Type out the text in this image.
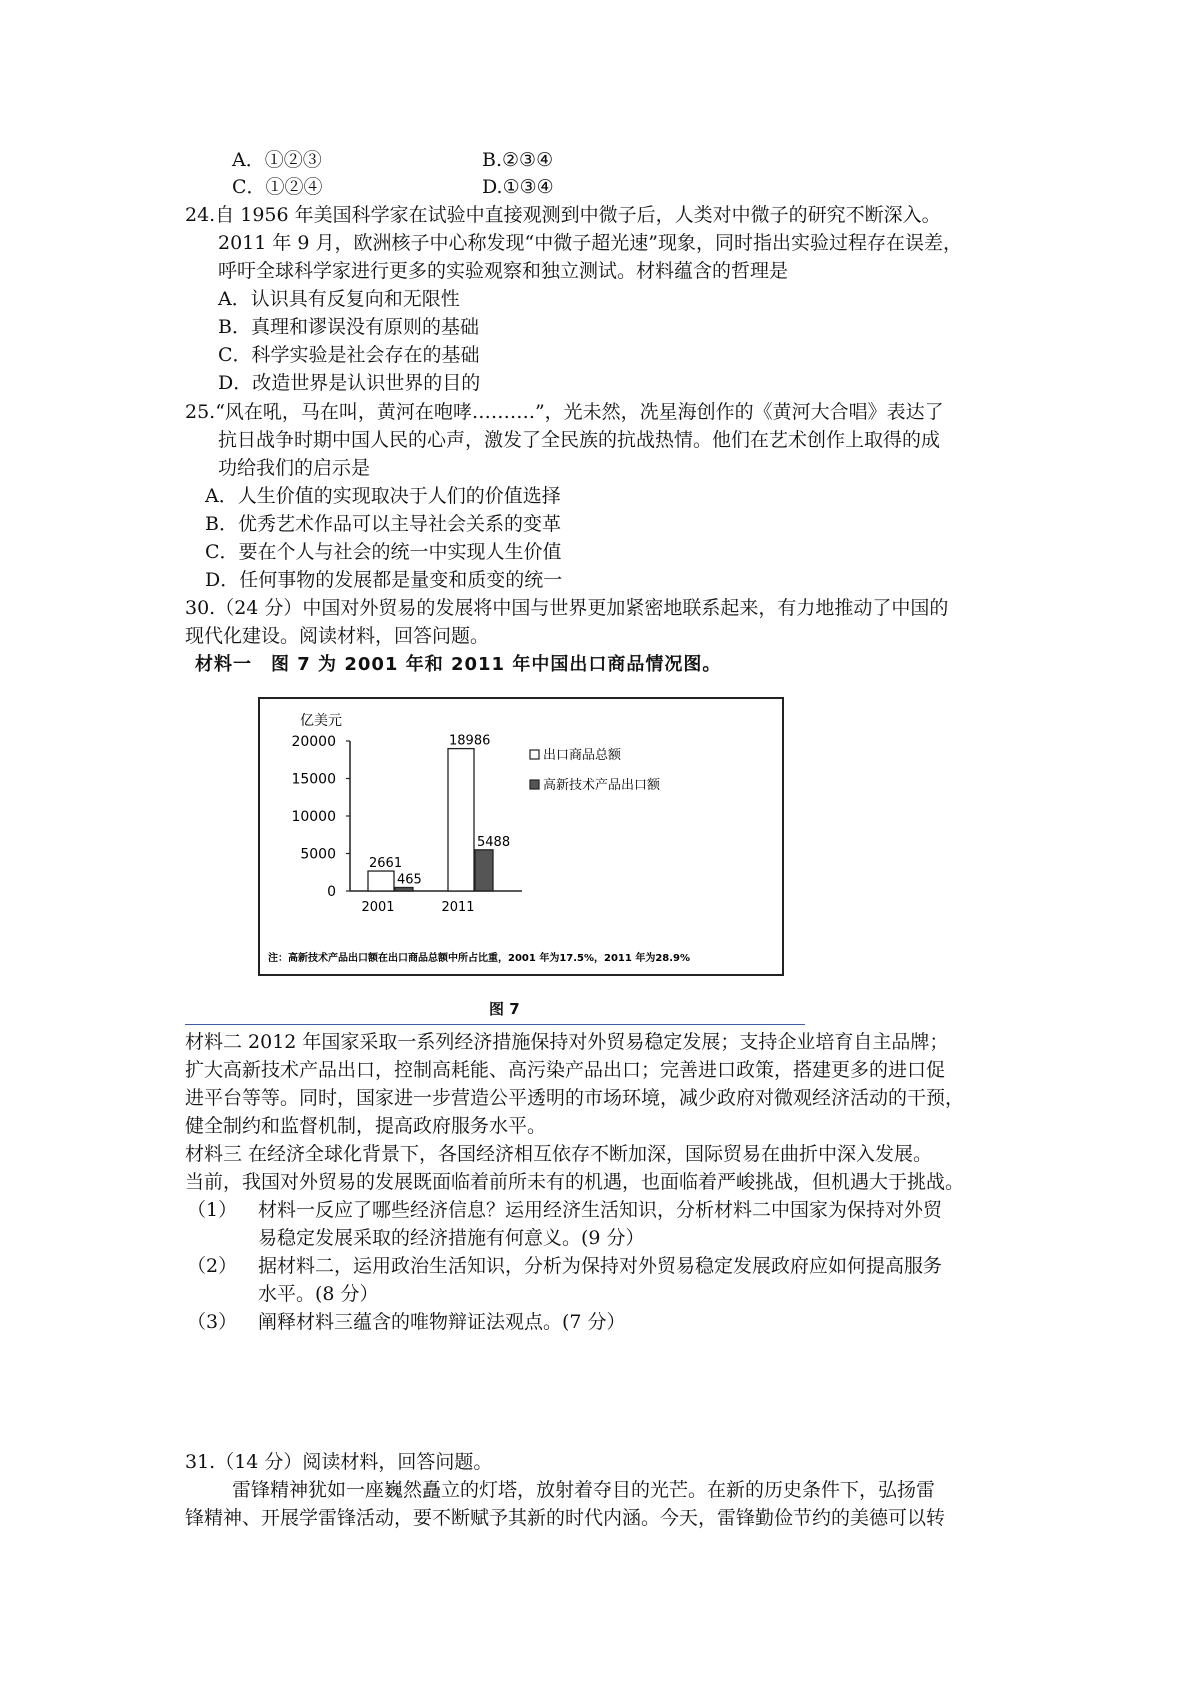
A．①②③	B.②③④
C．①②④	D.①③④
24.自 1956 年美国科学家在试验中直接观测到中微子后，人类对中微子的研究不断深入。
2011 年 9 月，欧洲核子中心称发现“中微子超光速”现象，同时指出实验过程存在误差，
呼吁全球科学家进行更多的实验观察和独立测试。材料蕴含的哲理是
A．认识具有反复向和无限性
B．真理和谬误没有原则的基础
C．科学实验是社会存在的基础
D．改造世界是认识世界的目的
25.“风在吼，马在叫，黄河在咆哮……….”，光未然，冼星海创作的《黄河大合唱》表达了
抗日战争时期中国人民的心声，激发了全民族的抗战热情。他们在艺术创作上取得的成
功给我们的启示是
A．人生价值的实现取决于人们的价值选择
B．优秀艺术作品可以主导社会关系的变革
C．要在个人与社会的统一中实现人生价值
D．任何事物的发展都是量变和质变的统一
30.（24 分）中国对外贸易的发展将中国与世界更加紧密地联系起来，有力地推动了中国的
现代化建设。阅读材料，回答问题。
材料一　图 7 为 2001 年和 2011 年中国出口商品情况图。
亿美元
0
5000
10000
15000
20000
2661
465
2001
18986
5488
2011
出口商品总额
高新技术产品出口额
注：高新技术产品出口额在出口商品总额中所占比重，2001 年为17.5%，2011 年为28.9%
图 7
材料二 2012 年国家采取一系列经济措施保持对外贸易稳定发展；支持企业培育自主品牌；
扩大高新技术产品出口，控制高耗能、高污染产品出口；完善进口政策，搭建更多的进口促
进平台等等。同时，国家进一步营造公平透明的市场环境，减少政府对微观经济活动的干预，
健全制约和监督机制，提高政府服务水平。
材料三 在经济全球化背景下，各国经济相互依存不断加深，国际贸易在曲折中深入发展。
当前，我国对外贸易的发展既面临着前所未有的机遇，也面临着严峻挑战，但机遇大于挑战。
（1） 材料一反应了哪些经济信息？运用经济生活知识，分析材料二中国家为保持对外贸
易稳定发展采取的经济措施有何意义。(9 分）
（2） 据材料二，运用政治生活知识，分析为保持对外贸易稳定发展政府应如何提高服务
水平。(8 分）
（3） 阐释材料三蕴含的唯物辩证法观点。(7 分）
31.（14 分）阅读材料，回答问题。
雷锋精神犹如一座巍然矗立的灯塔，放射着夺目的光芒。在新的历史条件下，弘扬雷
锋精神、开展学雷锋活动，要不断赋予其新的时代内涵。今天，雷锋勤俭节约的美德可以转
